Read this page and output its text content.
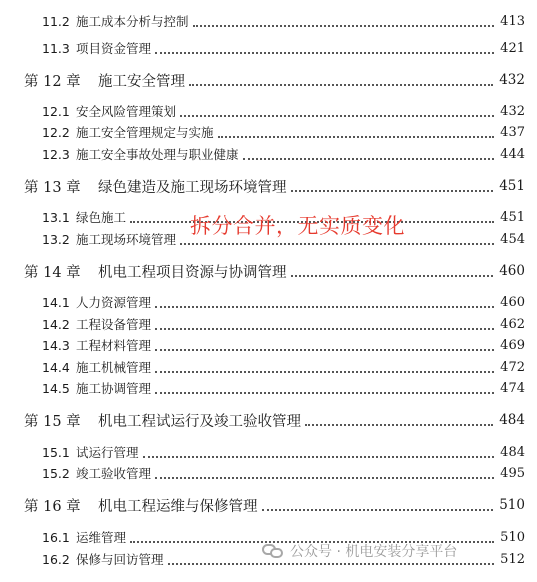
11.2 施工成本分析与控制	413
11.3 项目资金管理	421
第 12 章 施工安全管理	432
12.1 安全风险管理策划	432
12.2 施工安全管理规定与实施	437
12.3 施工安全事故处理与职业健康	444
第 13 章 绿色建造及施工现场环境管理	451
13.1 绿色施工	451
13.2 施工现场环境管理	454
第 14 章 机电工程项目资源与协调管理	460
14.1 人力资源管理	460
14.2 工程设备管理	462
14.3 工程材料管理	469
14.4 施工机械管理	472
14.5 施工协调管理	474
第 15 章 机电工程试运行及竣工验收管理	484
15.1 试运行管理	484
15.2 竣工验收管理	495
第 16 章 机电工程运维与保修管理	510
16.1 运维管理	510
16.2 保修与回访管理	512
拆分合并，无实质变化
公众号 · 机电安装分享平台
